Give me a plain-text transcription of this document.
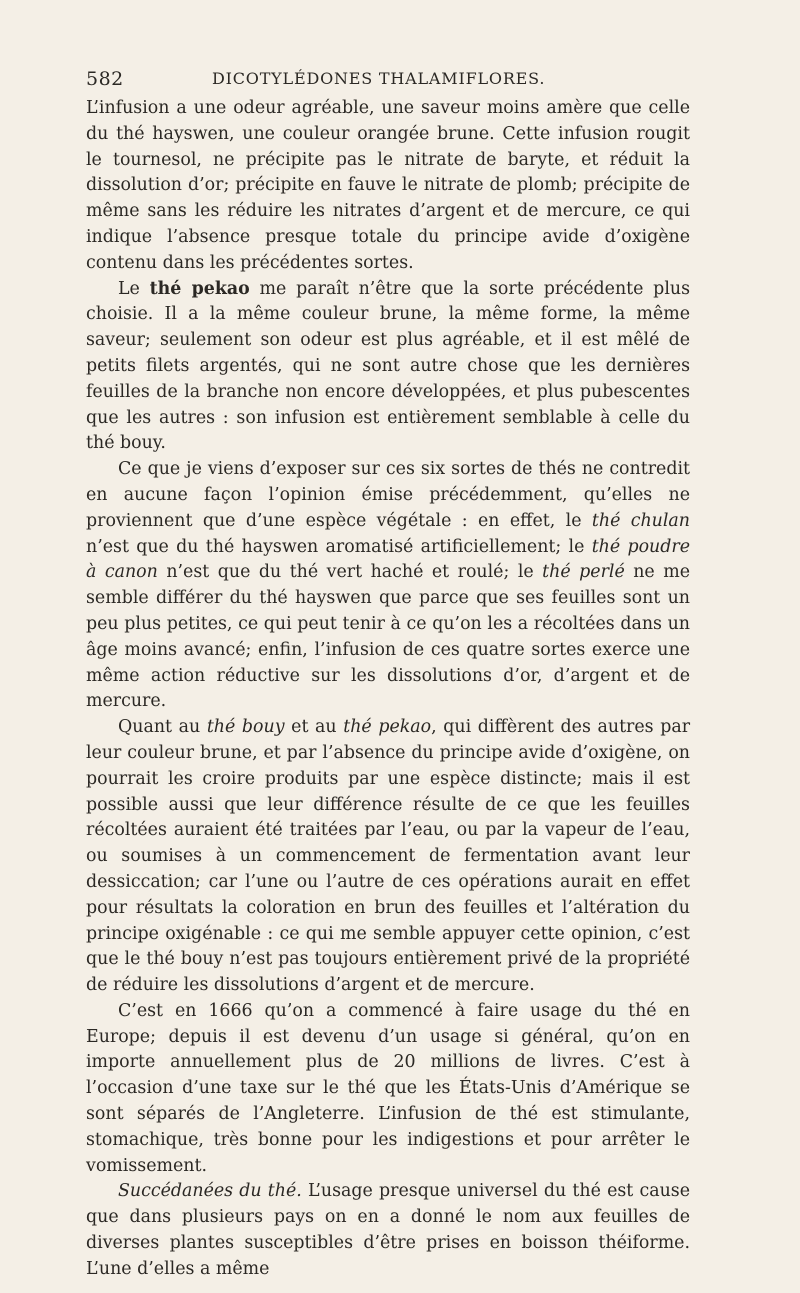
582	DICOTYLÉDONES THALAMIFLORES.

L’infusion a une odeur agréable, une saveur moins amère que celle du thé hayswen, une couleur orangée brune. Cette infusion rougit le tournesol, ne précipite pas le nitrate de baryte, et réduit la dissolution d’or; précipite en fauve le nitrate de plomb; précipite de même sans les réduire les nitrates d’argent et de mercure, ce qui indique l’absence presque totale du principe avide d’oxigène contenu dans les précédentes sortes.

Le thé pekao me paraît n’être que la sorte précédente plus choisie. Il a la même couleur brune, la même forme, la même saveur; seulement son odeur est plus agréable, et il est mêlé de petits filets argentés, qui ne sont autre chose que les dernières feuilles de la branche non encore développées, et plus pubescentes que les autres : son infusion est entièrement semblable à celle du thé bouy.

Ce que je viens d’exposer sur ces six sortes de thés ne contredit en aucune façon l’opinion émise précédemment, qu’elles ne proviennent que d’une espèce végétale : en effet, le thé chulan n’est que du thé hayswen aromatisé artificiellement; le thé poudre à canon n’est que du thé vert haché et roulé; le thé perlé ne me semble différer du thé hayswen que parce que ses feuilles sont un peu plus petites, ce qui peut tenir à ce qu’on les a récoltées dans un âge moins avancé; enfin, l’infusion de ces quatre sortes exerce une même action réductive sur les dissolutions d’or, d’argent et de mercure.

Quant au thé bouy et au thé pekao, qui diffèrent des autres par leur couleur brune, et par l’absence du principe avide d’oxigène, on pourrait les croire produits par une espèce distincte; mais il est possible aussi que leur différence résulte de ce que les feuilles récoltées auraient été traitées par l’eau, ou par la vapeur de l’eau, ou soumises à un commencement de fermentation avant leur dessiccation; car l’une ou l’autre de ces opérations aurait en effet pour résultats la coloration en brun des feuilles et l’altération du principe oxigénable : ce qui me semble appuyer cette opinion, c’est que le thé bouy n’est pas toujours entièrement privé de la propriété de réduire les dissolutions d’argent et de mercure.

C’est en 1666 qu’on a commencé à faire usage du thé en Europe; depuis il est devenu d’un usage si général, qu’on en importe annuellement plus de 20 millions de livres. C’est à l’occasion d’une taxe sur le thé que les États-Unis d’Amérique se sont séparés de l’Angleterre. L’infusion de thé est stimulante, stomachique, très bonne pour les indigestions et pour arrêter le vomissement.

Succédanées du thé. L’usage presque universel du thé est cause que dans plusieurs pays on en a donné le nom aux feuilles de diverses plantes susceptibles d’être prises en boisson théiforme. L’une d’elles a même
